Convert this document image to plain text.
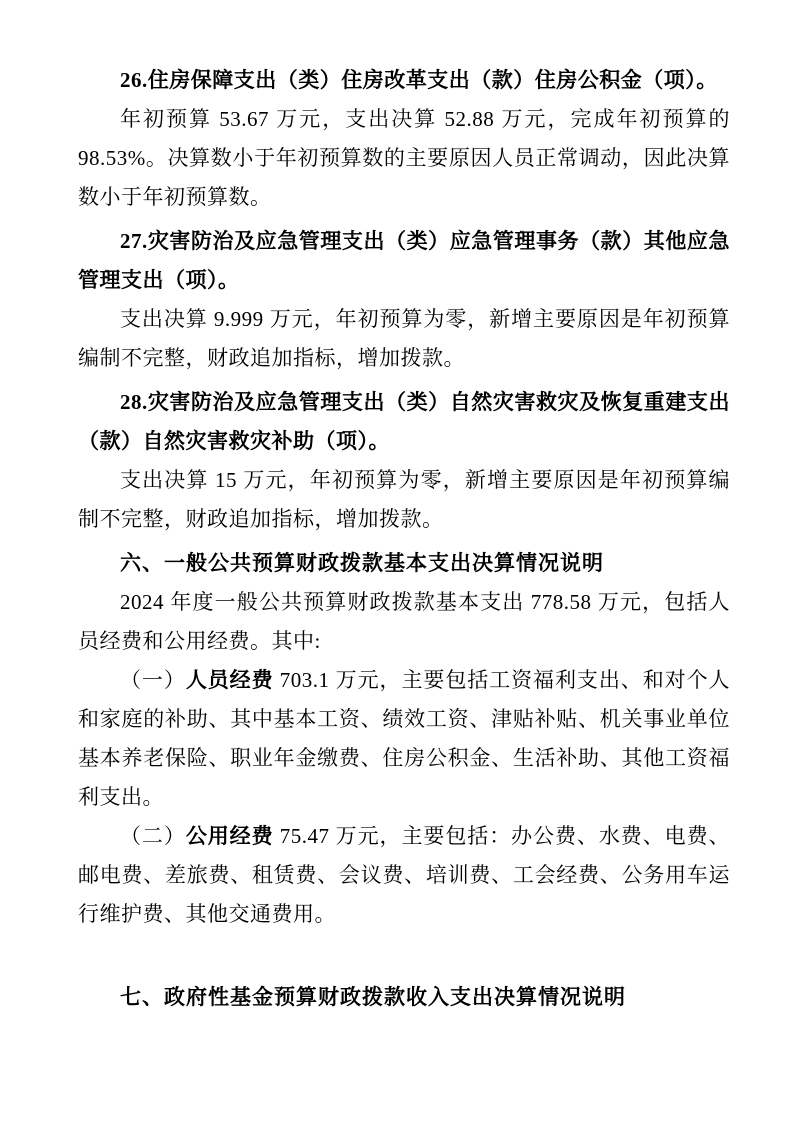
26.住房保障支出（类）住房改革支出（款）住房公积金（项）。

年初预算 53.67 万元，支出决算 52.88 万元，完成年初预算的 98.53%。决算数小于年初预算数的主要原因人员正常调动，因此决算数小于年初预算数。

27.灾害防治及应急管理支出（类）应急管理事务（款）其他应急管理支出（项）。

支出决算 9.999 万元，年初预算为零，新增主要原因是年初预算编制不完整，财政追加指标，增加拨款。

28.灾害防治及应急管理支出（类）自然灾害救灾及恢复重建支出（款）自然灾害救灾补助（项）。

支出决算 15 万元，年初预算为零，新增主要原因是年初预算编制不完整，财政追加指标，增加拨款。

六、一般公共预算财政拨款基本支出决算情况说明

2024 年度一般公共预算财政拨款基本支出 778.58 万元，包括人员经费和公用经费。其中:

（一）人员经费 703.1 万元，主要包括工资福利支出、和对个人和家庭的补助、其中基本工资、绩效工资、津贴补贴、机关事业单位基本养老保险、职业年金缴费、住房公积金、生活补助、其他工资福利支出。

（二）公用经费 75.47 万元，主要包括：办公费、水费、电费、邮电费、差旅费、租赁费、会议费、培训费、工会经费、公务用车运行维护费、其他交通费用。

七、政府性基金预算财政拨款收入支出决算情况说明
